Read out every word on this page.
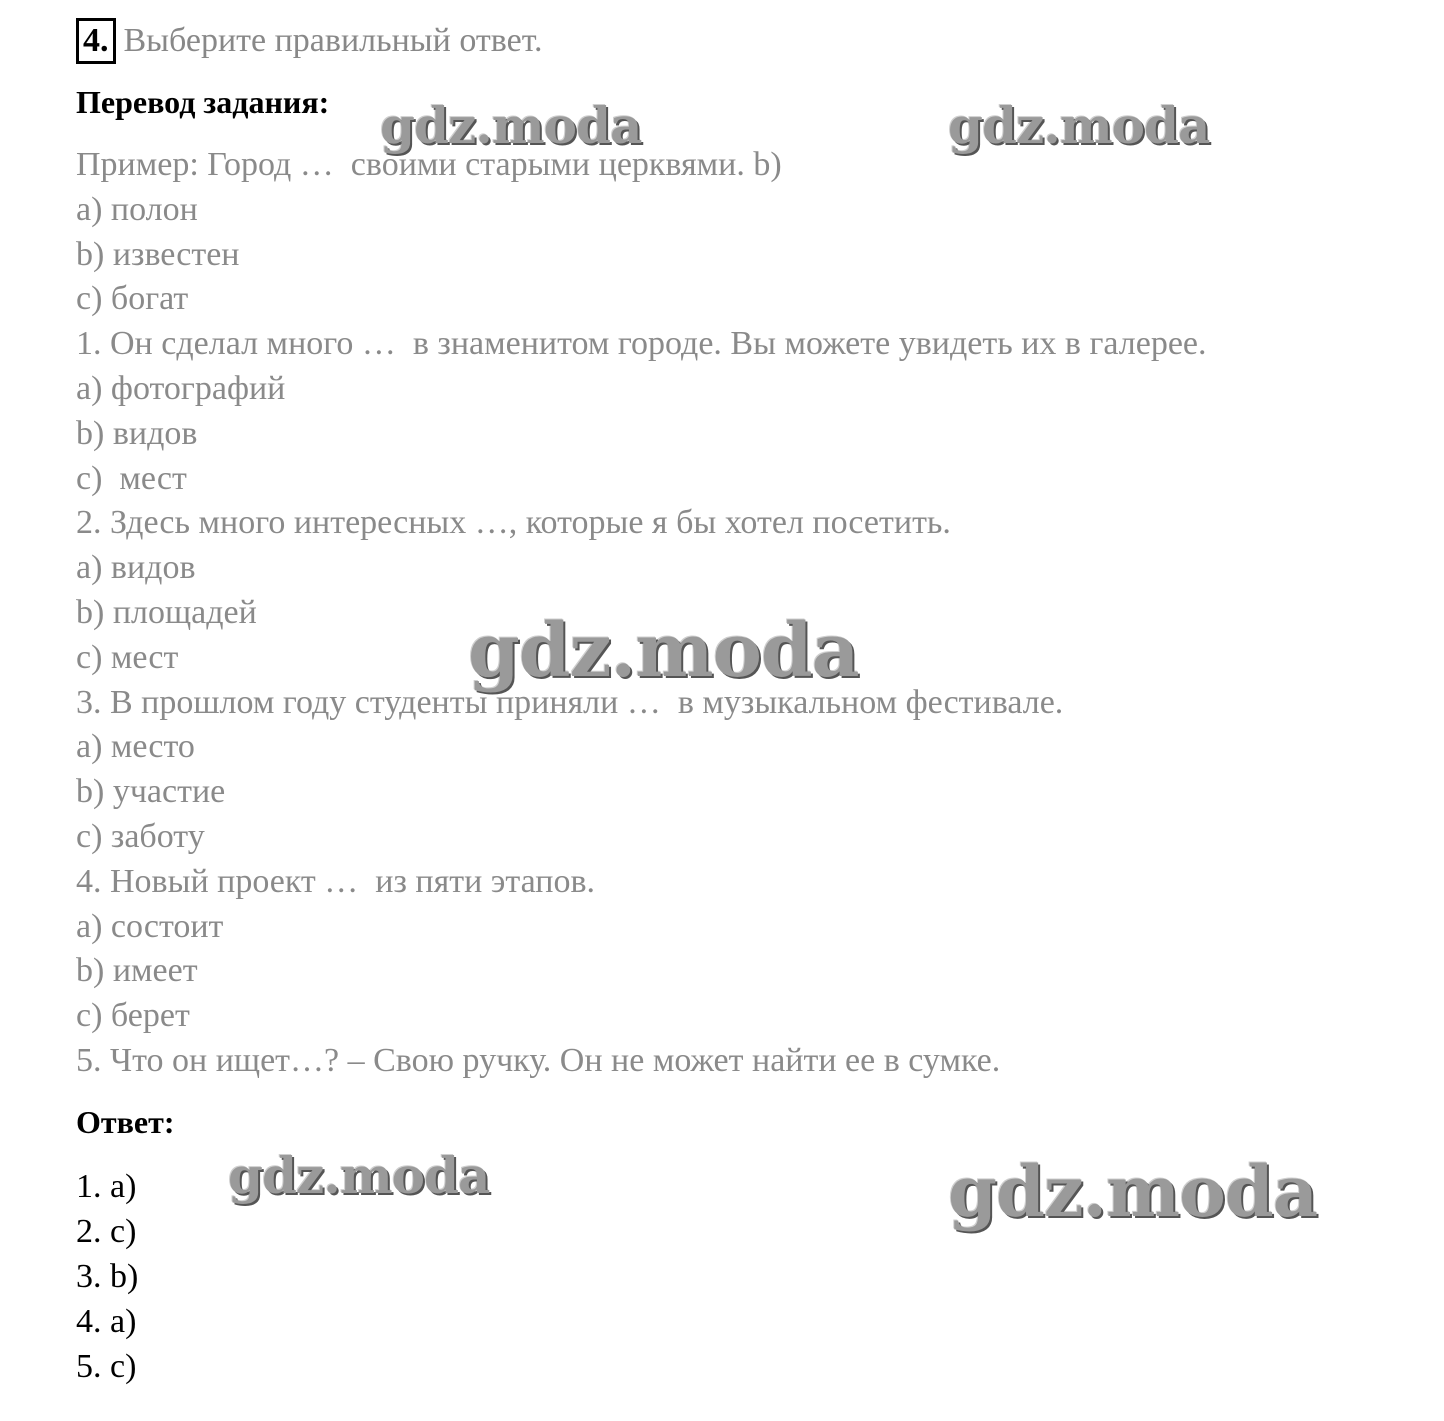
4. Выберите правильный ответ.
Перевод задания:
Пример: Город …  своими старыми церквями. b)
a) полон
b) известен
c) богат
1. Он сделал много …  в знаменитом городе. Вы можете увидеть их в галерее.
a) фотографий
b) видов
c)  мест
2. Здесь много интересных …, которые я бы хотел посетить.
a) видов
b) площадей
c) мест
3. В прошлом году студенты приняли …  в музыкальном фестивале.
a) место
b) участие
c) заботу
4. Новый проект …  из пяти этапов.
a) состоит
b) имеет
c) берет
5. Что он ищет…? – Свою ручку. Он не может найти ее в сумке.
Ответ:
1. a)
2. c)
3. b)
4. a)
5. c)
gdz.moda	gdz.moda
gdz.moda
gdz.moda	gdz.moda
